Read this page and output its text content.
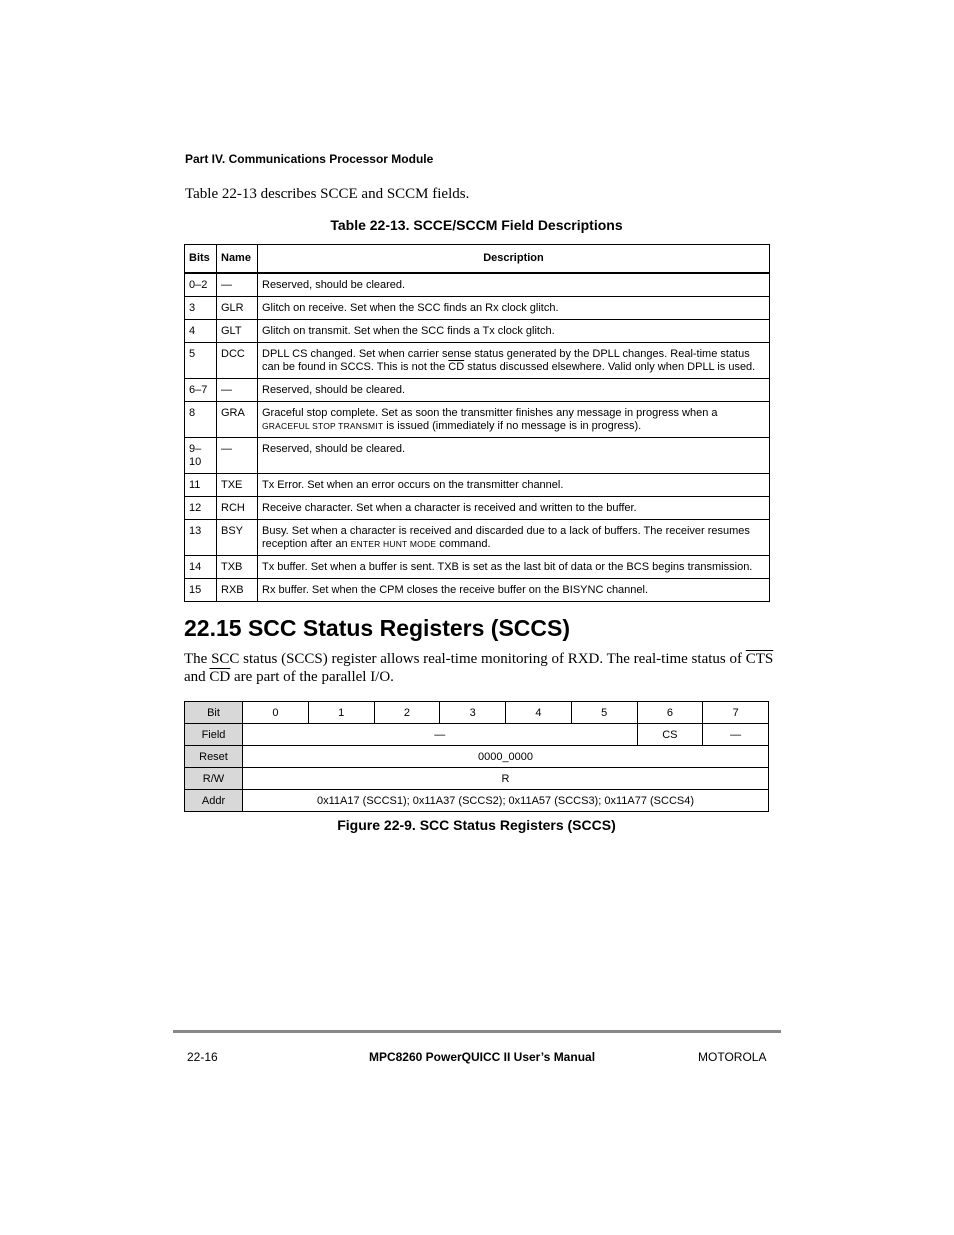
Part IV. Communications Processor Module
Table 22-13 describes SCCE and SCCM fields.
Table 22-13. SCCE/SCCM Field Descriptions
Bits	Name	Description
0–2	—	Reserved, should be cleared.
3	GLR	Glitch on receive. Set when the SCC finds an Rx clock glitch.
4	GLT	Glitch on transmit. Set when the SCC finds a Tx clock glitch.
5	DCC	DPLL CS changed. Set when carrier sense status generated by the DPLL changes. Real-time status can be found in SCCS. This is not the $\overline{CD}$ status discussed elsewhere. Valid only when DPLL is used.
6–7	—	Reserved, should be cleared.
8	GRA	Graceful stop complete. Set as soon the transmitter finishes any message in progress when a GRACEFUL STOP TRANSMIT is issued (immediately if no message is in progress).
9–10	—	Reserved, should be cleared.
11	TXE	Tx Error. Set when an error occurs on the transmitter channel.
12	RCH	Receive character. Set when a character is received and written to the buffer.
13	BSY	Busy. Set when a character is received and discarded due to a lack of buffers. The receiver resumes reception after an ENTER HUNT MODE command.
14	TXB	Tx buffer. Set when a buffer is sent. TXB is set as the last bit of data or the BCS begins transmission.
15	RXB	Rx buffer. Set when the CPM closes the receive buffer on the BISYNC channel.
22.15 SCC Status Registers (SCCS)
The SCC status (SCCS) register allows real-time monitoring of RXD. The real-time status of $\overline{CTS}$ and $\overline{CD}$ are part of the parallel I/O.
Bit	0	1	2	3	4	5	6	7
Field	—						CS	—
Reset	0000_0000							
R/W	R							
Addr	0x11A17 (SCCS1); 0x11A37 (SCCS2); 0x11A57 (SCCS3); 0x11A77 (SCCS4)							
Figure 22-9. SCC Status Registers (SCCS)
22-16	MPC8260 PowerQUICC II User’s Manual	MOTOROLA
